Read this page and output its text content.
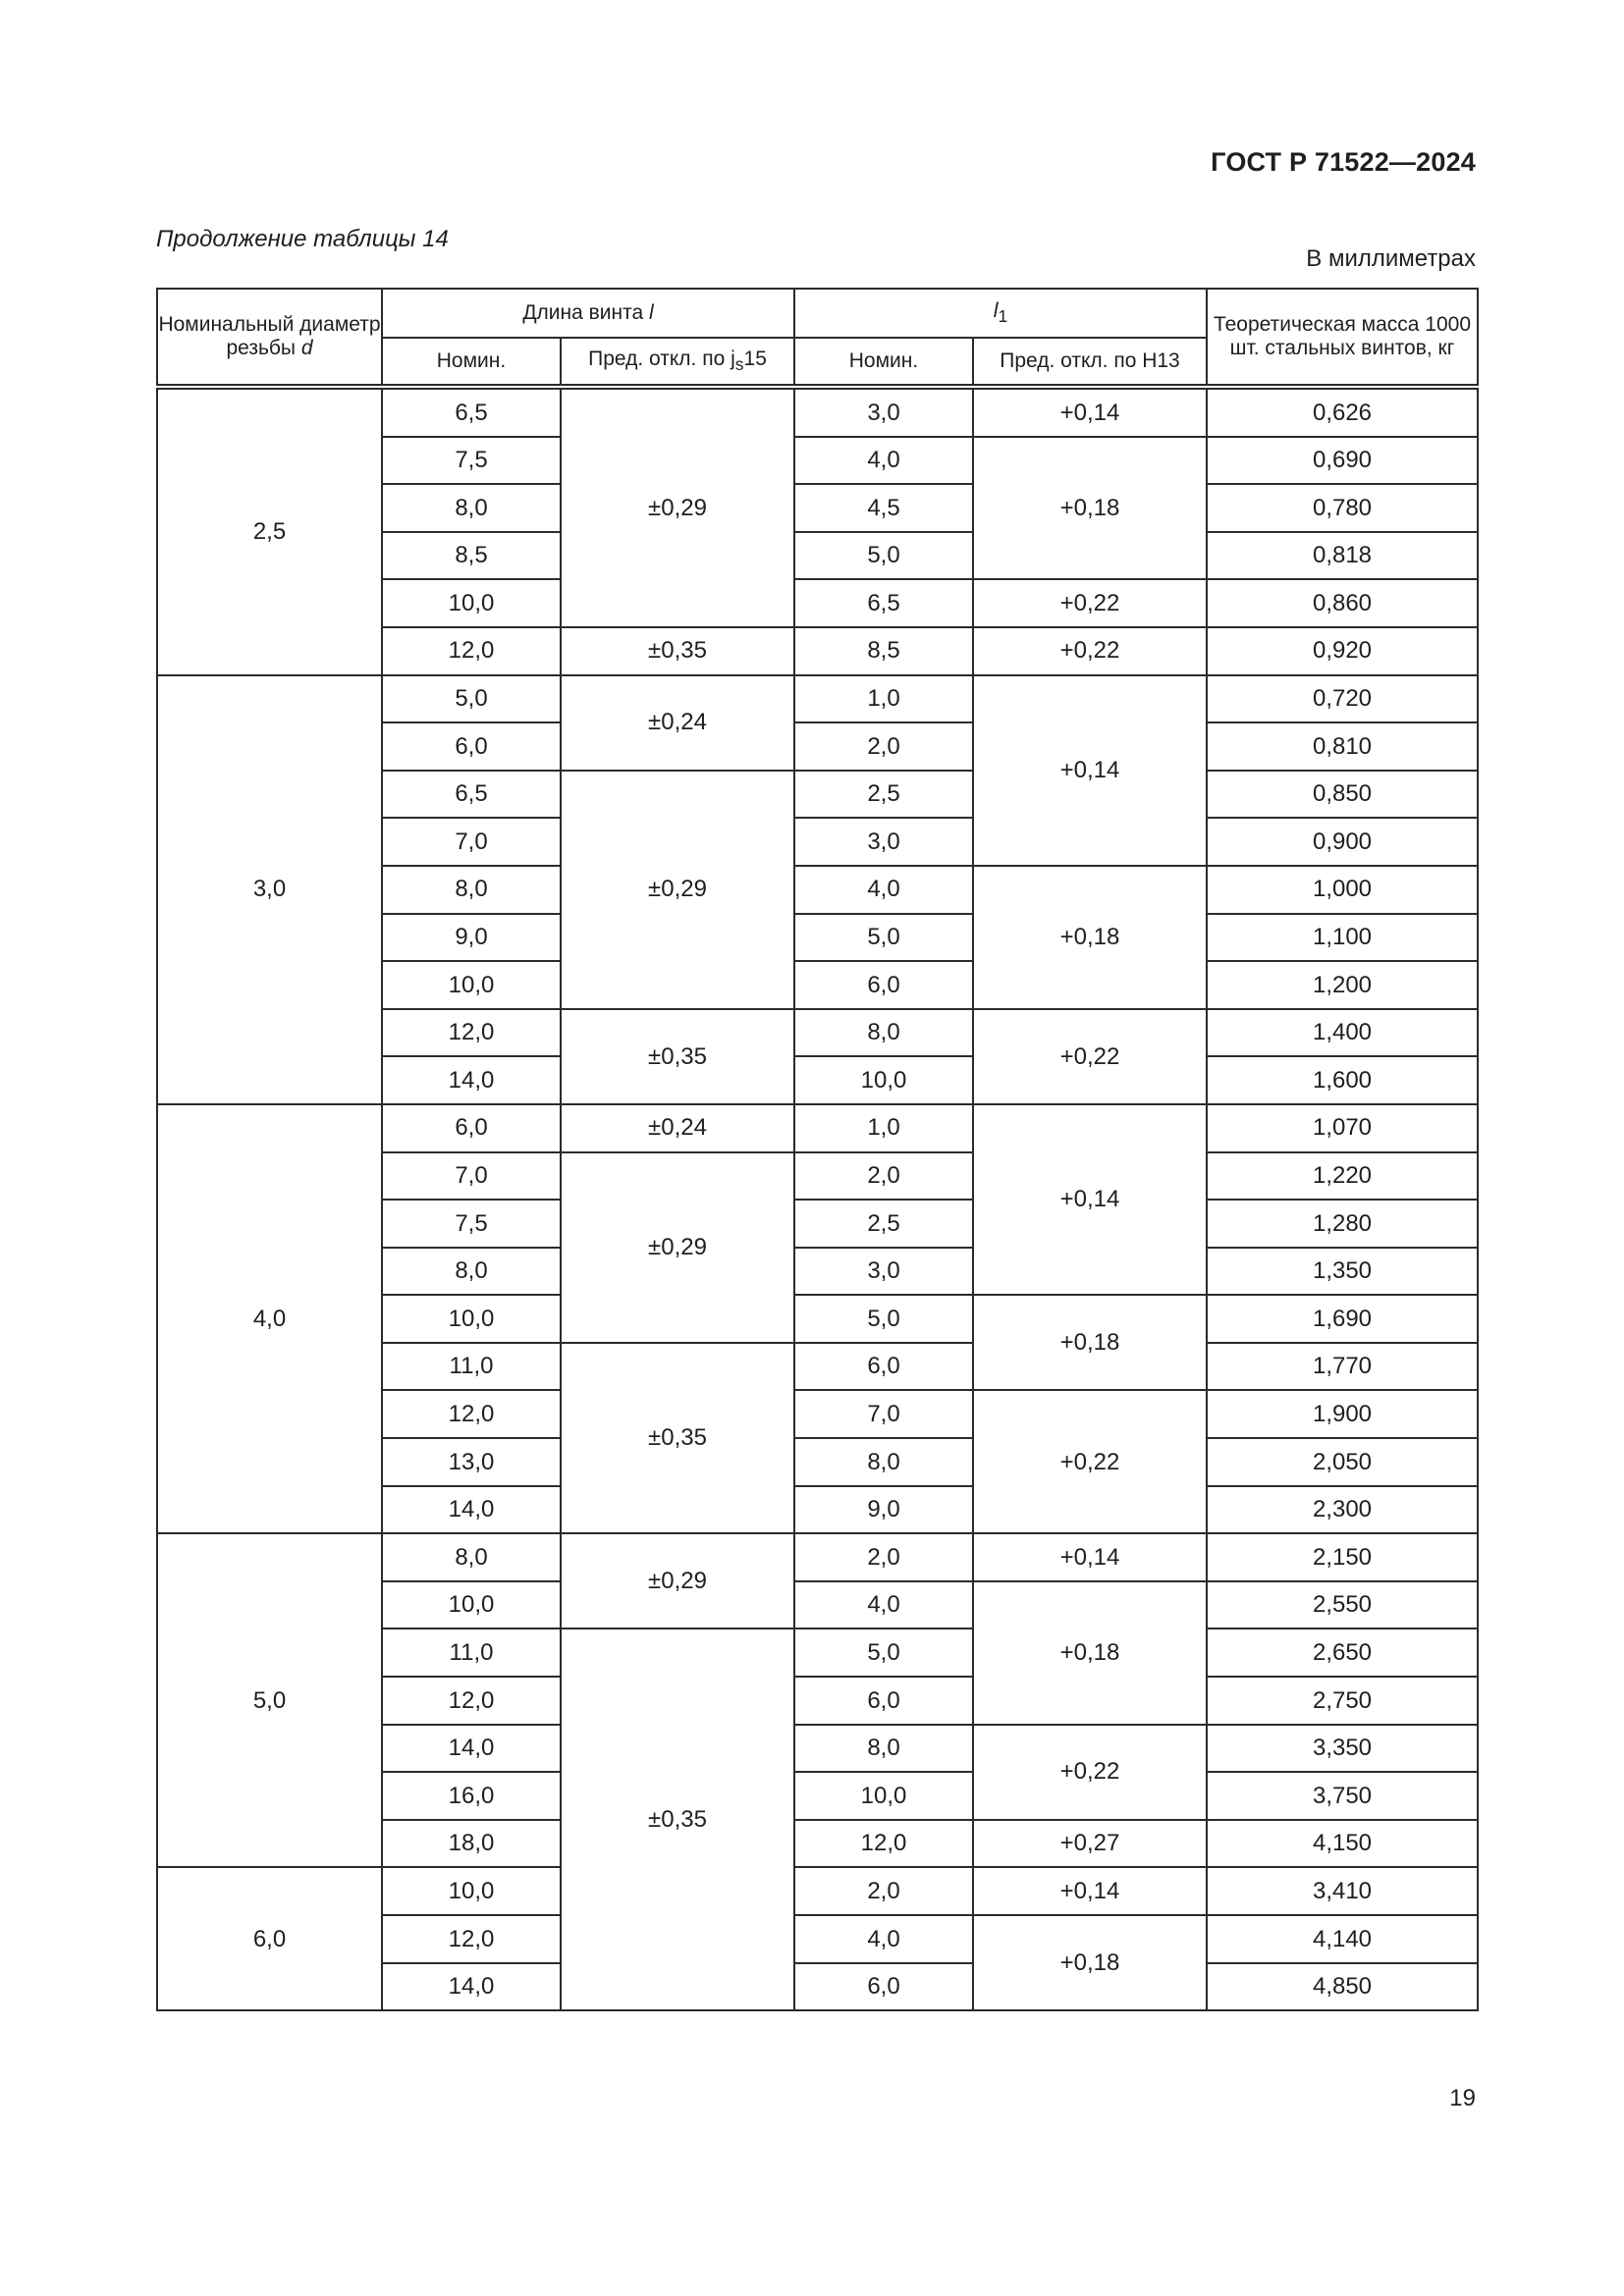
ГОСТ Р 71522—2024
Продолжение таблицы 14
В миллиметрах
Номинальный диаметр резьбы d	Длина винта l		$l_1$		Теоретическая масса 1000 шт. стальных винтов, кг
	Номин.	Пред. откл. по $j_s15$	Номин.	Пред. откл. по Н13	
2,5	6,5	±0,29	3,0	+0,14	0,626
	7,5		4,0	+0,18	0,690
	8,0		4,5		0,780
	8,5		5,0		0,818
	10,0		6,5	+0,22	0,860
	12,0	±0,35	8,5	+0,22	0,920
3,0	5,0	±0,24	1,0	+0,14	0,720
	6,0		2,0		0,810
	6,5	±0,29	2,5		0,850
	7,0		3,0		0,900
	8,0		4,0	+0,18	1,000
	9,0		5,0		1,100
	10,0		6,0		1,200
	12,0	±0,35	8,0	+0,22	1,400
	14,0		10,0		1,600
4,0	6,0	±0,24	1,0	+0,14	1,070
	7,0	±0,29	2,0		1,220
	7,5		2,5		1,280
	8,0		3,0		1,350
	10,0		5,0	+0,18	1,690
	11,0	±0,35	6,0		1,770
	12,0		7,0	+0,22	1,900
	13,0		8,0		2,050
	14,0		9,0		2,300
5,0	8,0	±0,29	2,0	+0,14	2,150
	10,0		4,0	+0,18	2,550
	11,0	±0,35	5,0		2,650
	12,0		6,0		2,750
	14,0		8,0	+0,22	3,350
	16,0		10,0		3,750
	18,0		12,0	+0,27	4,150
6,0	10,0		2,0	+0,14	3,410
	12,0		4,0	+0,18	4,140
	14,0		6,0		4,850
19
